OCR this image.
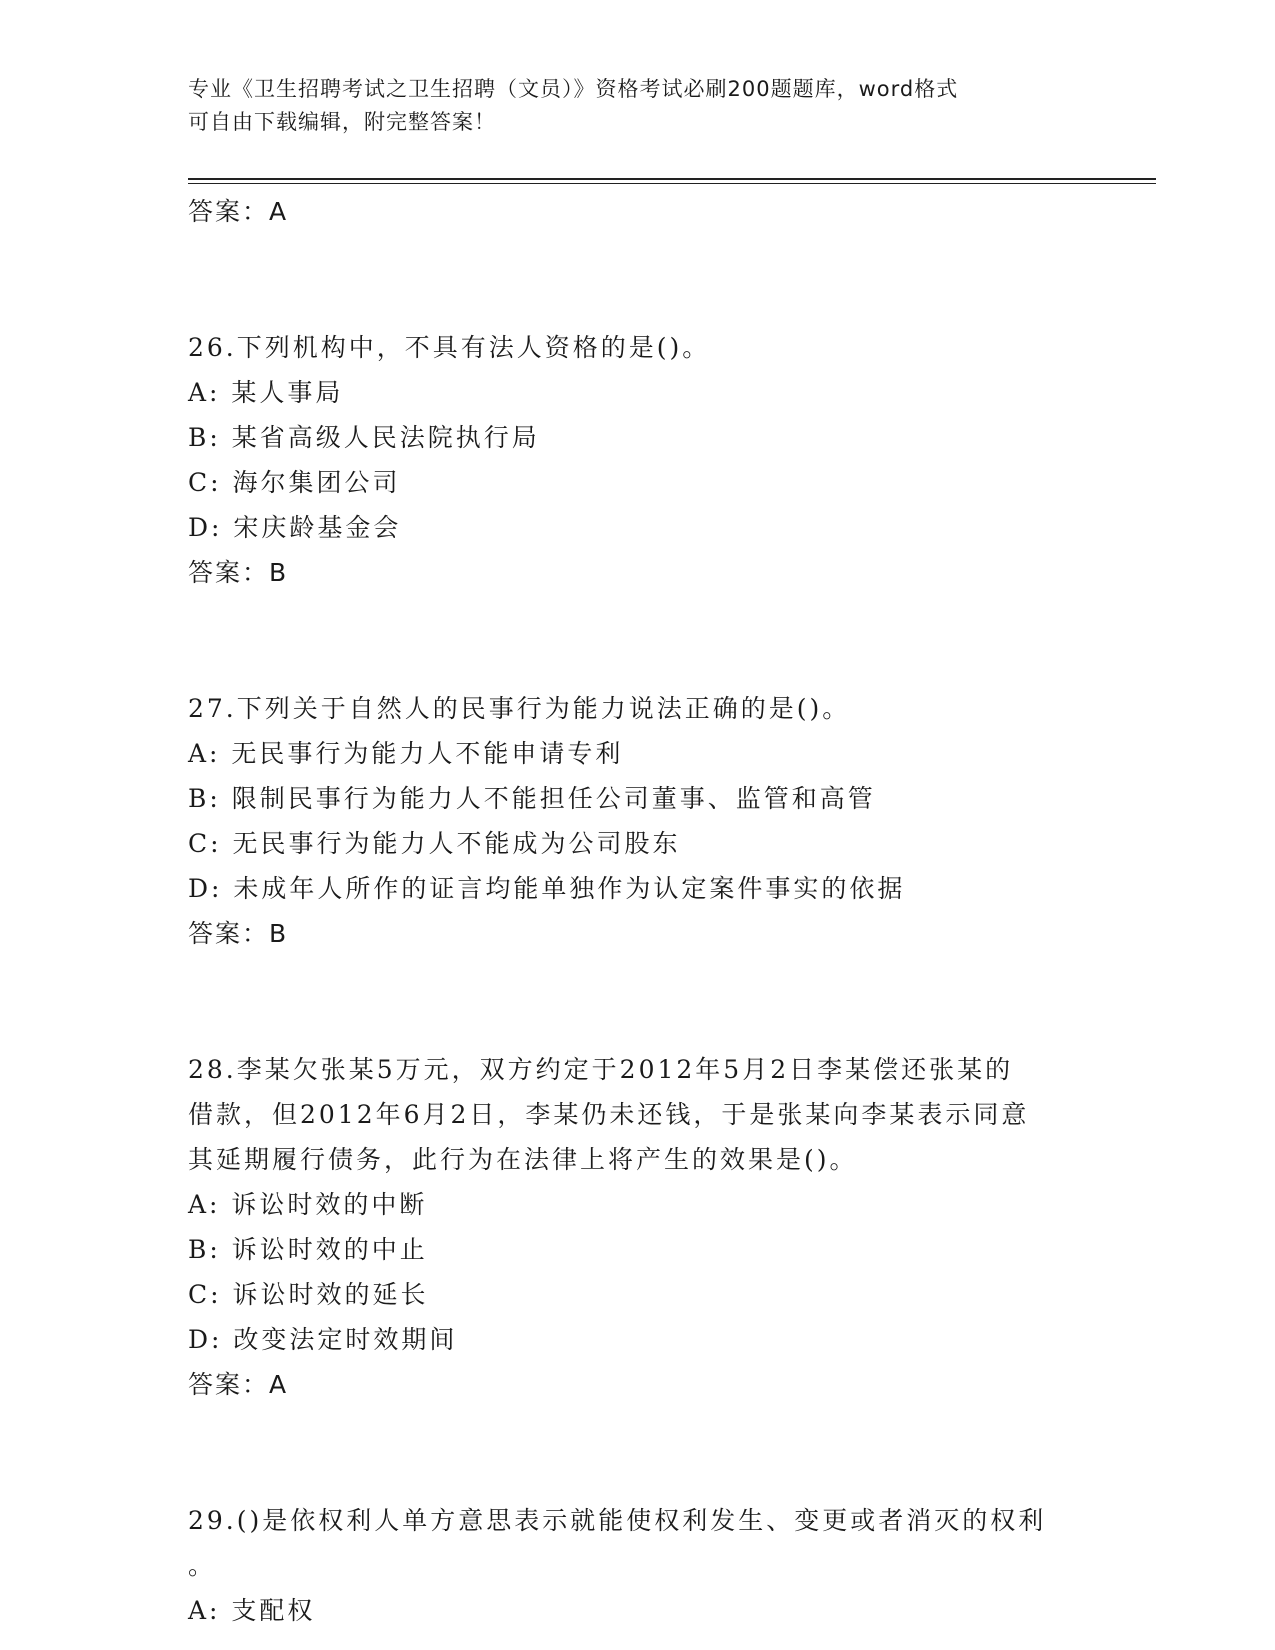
专业《卫生招聘考试之卫生招聘（文员）》资格考试必刷200题题库，word格式
可自由下载编辑，附完整答案！
答案：A
26.下列机构中，不具有法人资格的是()。
A: 某人事局
B: 某省高级人民法院执行局
C: 海尔集团公司
D: 宋庆龄基金会
答案：B
27.下列关于自然人的民事行为能力说法正确的是()。
A: 无民事行为能力人不能申请专利
B: 限制民事行为能力人不能担任公司董事、监管和高管
C: 无民事行为能力人不能成为公司股东
D: 未成年人所作的证言均能单独作为认定案件事实的依据
答案：B
28.李某欠张某5万元，双方约定于2012年5月2日李某偿还张某的
借款，但2012年6月2日，李某仍未还钱，于是张某向李某表示同意
其延期履行债务，此行为在法律上将产生的效果是()。
A: 诉讼时效的中断
B: 诉讼时效的中止
C: 诉讼时效的延长
D: 改变法定时效期间
答案：A
29.()是依权利人单方意思表示就能使权利发生、变更或者消灭的权利
。
A: 支配权
